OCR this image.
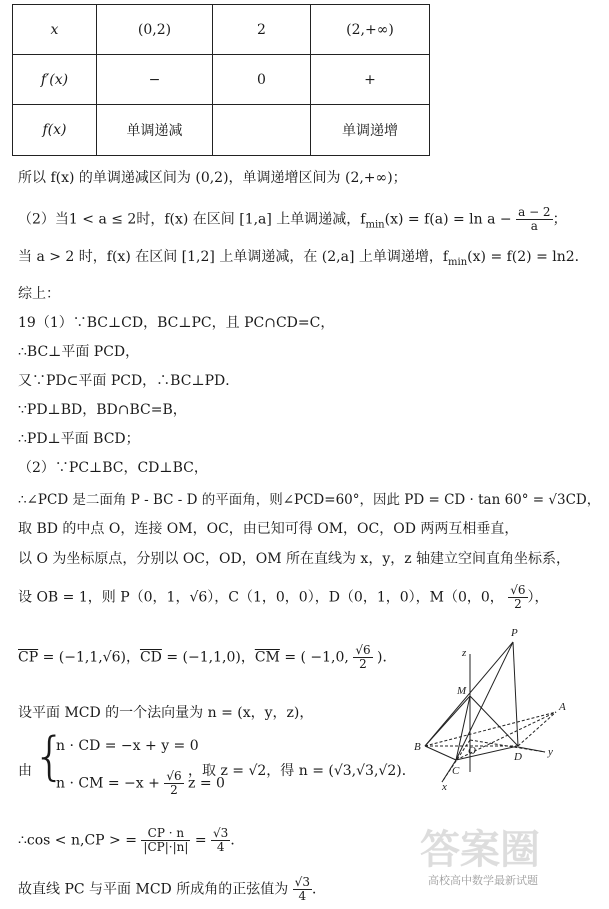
x	(0,2)	2	(2,+∞)
f′(x)	−	0	+
f(x)	单调递减		单调递增
所以 f(x) 的单调递减区间为 (0,2)，单调递增区间为 (2,+∞)；
（2）当1 < a ≤ 2时，f(x) 在区间 [1,a] 上单调递减，$f_{min}(x) = f(a) = \ln a - \frac{a - 2}{a}$ ；
当 a > 2 时，f(x) 在区间 [1,2] 上单调递减，在 (2,a] 上单调递增，$f_{min}(x) = f(2) = \ln 2$．
综上：
19（1）∵BC⊥CD，BC⊥PC，且 PC∩CD=C，
∴BC⊥平面 PCD，
又∵PD⊂平面 PCD，∴BC⊥PD．
∵PD⊥BD，BD∩BC=B，
∴PD⊥平面 BCD；
（2）∵PC⊥BC，CD⊥BC，
∴∠PCD 是二面角 P - BC - D 的平面角，则∠PCD=60°，因此 PD = CD · tan 60° = √3CD，
取 BD 的中点 O，连接 OM，OC，由已知可得 OM，OC，OD 两两互相垂直，
以 O 为坐标原点，分别以 OC，OD，OM 所在直线为 x，y，z 轴建立空间直角坐标系，
设 OB = 1，则 P（0，1，√6），C（1，0，0），D（0，1，0），M（0，0， $\frac{√6}{2}$ ），
$\overline{CP} = (-1,1,√6)$，$\overline{CD} = (-1,1,0)$，$\overline{CM}$ = ( −1,0, $\frac{√6}{2}$ )．
设平面 MCD 的一个法向量为 n = (x，y，z)，
由 {
n · CD = −x + y = 0
n · CM = $-x + \frac{√6}{2}$ z = 0
，取 z = √2，得 n = (√3,√3,√2)．
∴cos < n,CP > = $\frac{CP \cdot n}{|CP|\cdot|n|} = \frac{√3}{4}$ ．
故直线 PC 与平面 MCD 所成角的正弦值为 $\frac{√3}{4}$ ．
P
z
M
A
B	O	D y
C
x
答案圈
高校高中数学最新试题
